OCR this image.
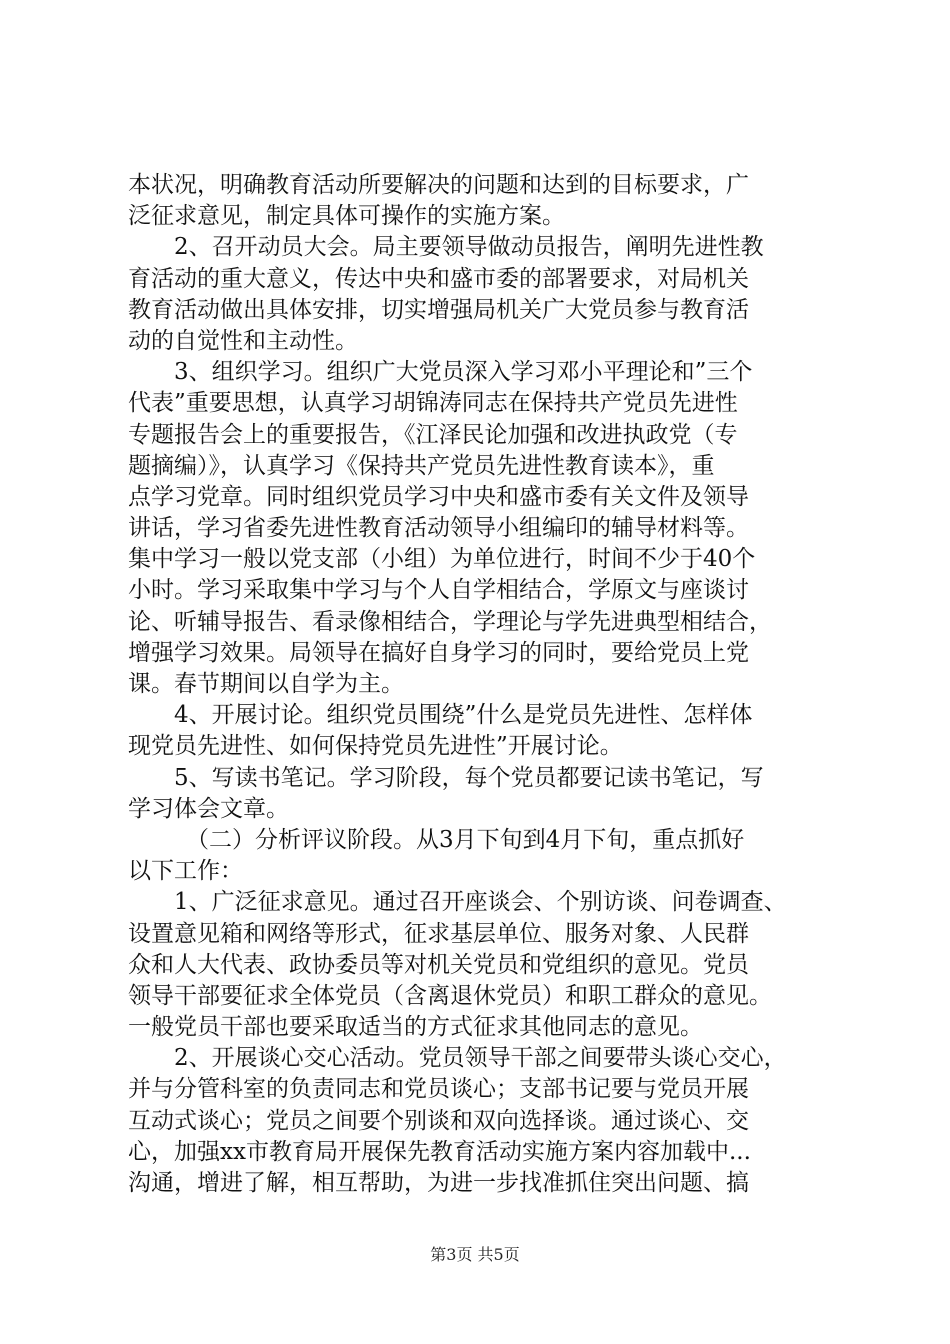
本状况，明确教育活动所要解决的问题和达到的目标要求，广
泛征求意见，制定具体可操作的实施方案。
2、召开动员大会。局主要领导做动员报告，阐明先进性教
育活动的重大意义，传达中央和盛市委的部署要求，对局机关
教育活动做出具体安排，切实增强局机关广大党员参与教育活
动的自觉性和主动性。
3、组织学习。组织广大党员深入学习邓小平理论和”三个
代表”重要思想，认真学习胡锦涛同志在保持共产党员先进性
专题报告会上的重要报告，《江泽民论加强和改进执政党（专
题摘编）》，认真学习《保持共产党员先进性教育读本》，重
点学习党章。同时组织党员学习中央和盛市委有关文件及领导
讲话，学习省委先进性教育活动领导小组编印的辅导材料等。
集中学习一般以党支部（小组）为单位进行，时间不少于40个
小时。学习采取集中学习与个人自学相结合，学原文与座谈讨
论、听辅导报告、看录像相结合，学理论与学先进典型相结合，
增强学习效果。局领导在搞好自身学习的同时，要给党员上党
课。春节期间以自学为主。
4、开展讨论。组织党员围绕”什么是党员先进性、怎样体
现党员先进性、如何保持党员先进性”开展讨论。
5、写读书笔记。学习阶段，每个党员都要记读书笔记，写
学习体会文章。
（二）分析评议阶段。从3月下旬到4月下旬，重点抓好
以下工作：
1、广泛征求意见。通过召开座谈会、个别访谈、问卷调查、
设置意见箱和网络等形式，征求基层单位、服务对象、人民群
众和人大代表、政协委员等对机关党员和党组织的意见。党员
领导干部要征求全体党员（含离退休党员）和职工群众的意见。
一般党员干部也要采取适当的方式征求其他同志的意见。
2、开展谈心交心活动。党员领导干部之间要带头谈心交心，
并与分管科室的负责同志和党员谈心；支部书记要与党员开展
互动式谈心；党员之间要个别谈和双向选择谈。通过谈心、交
心，加强xx市教育局开展保先教育活动实施方案内容加载中...
沟通，增进了解，相互帮助，为进一步找准抓住突出问题、搞
第3页 共5页
